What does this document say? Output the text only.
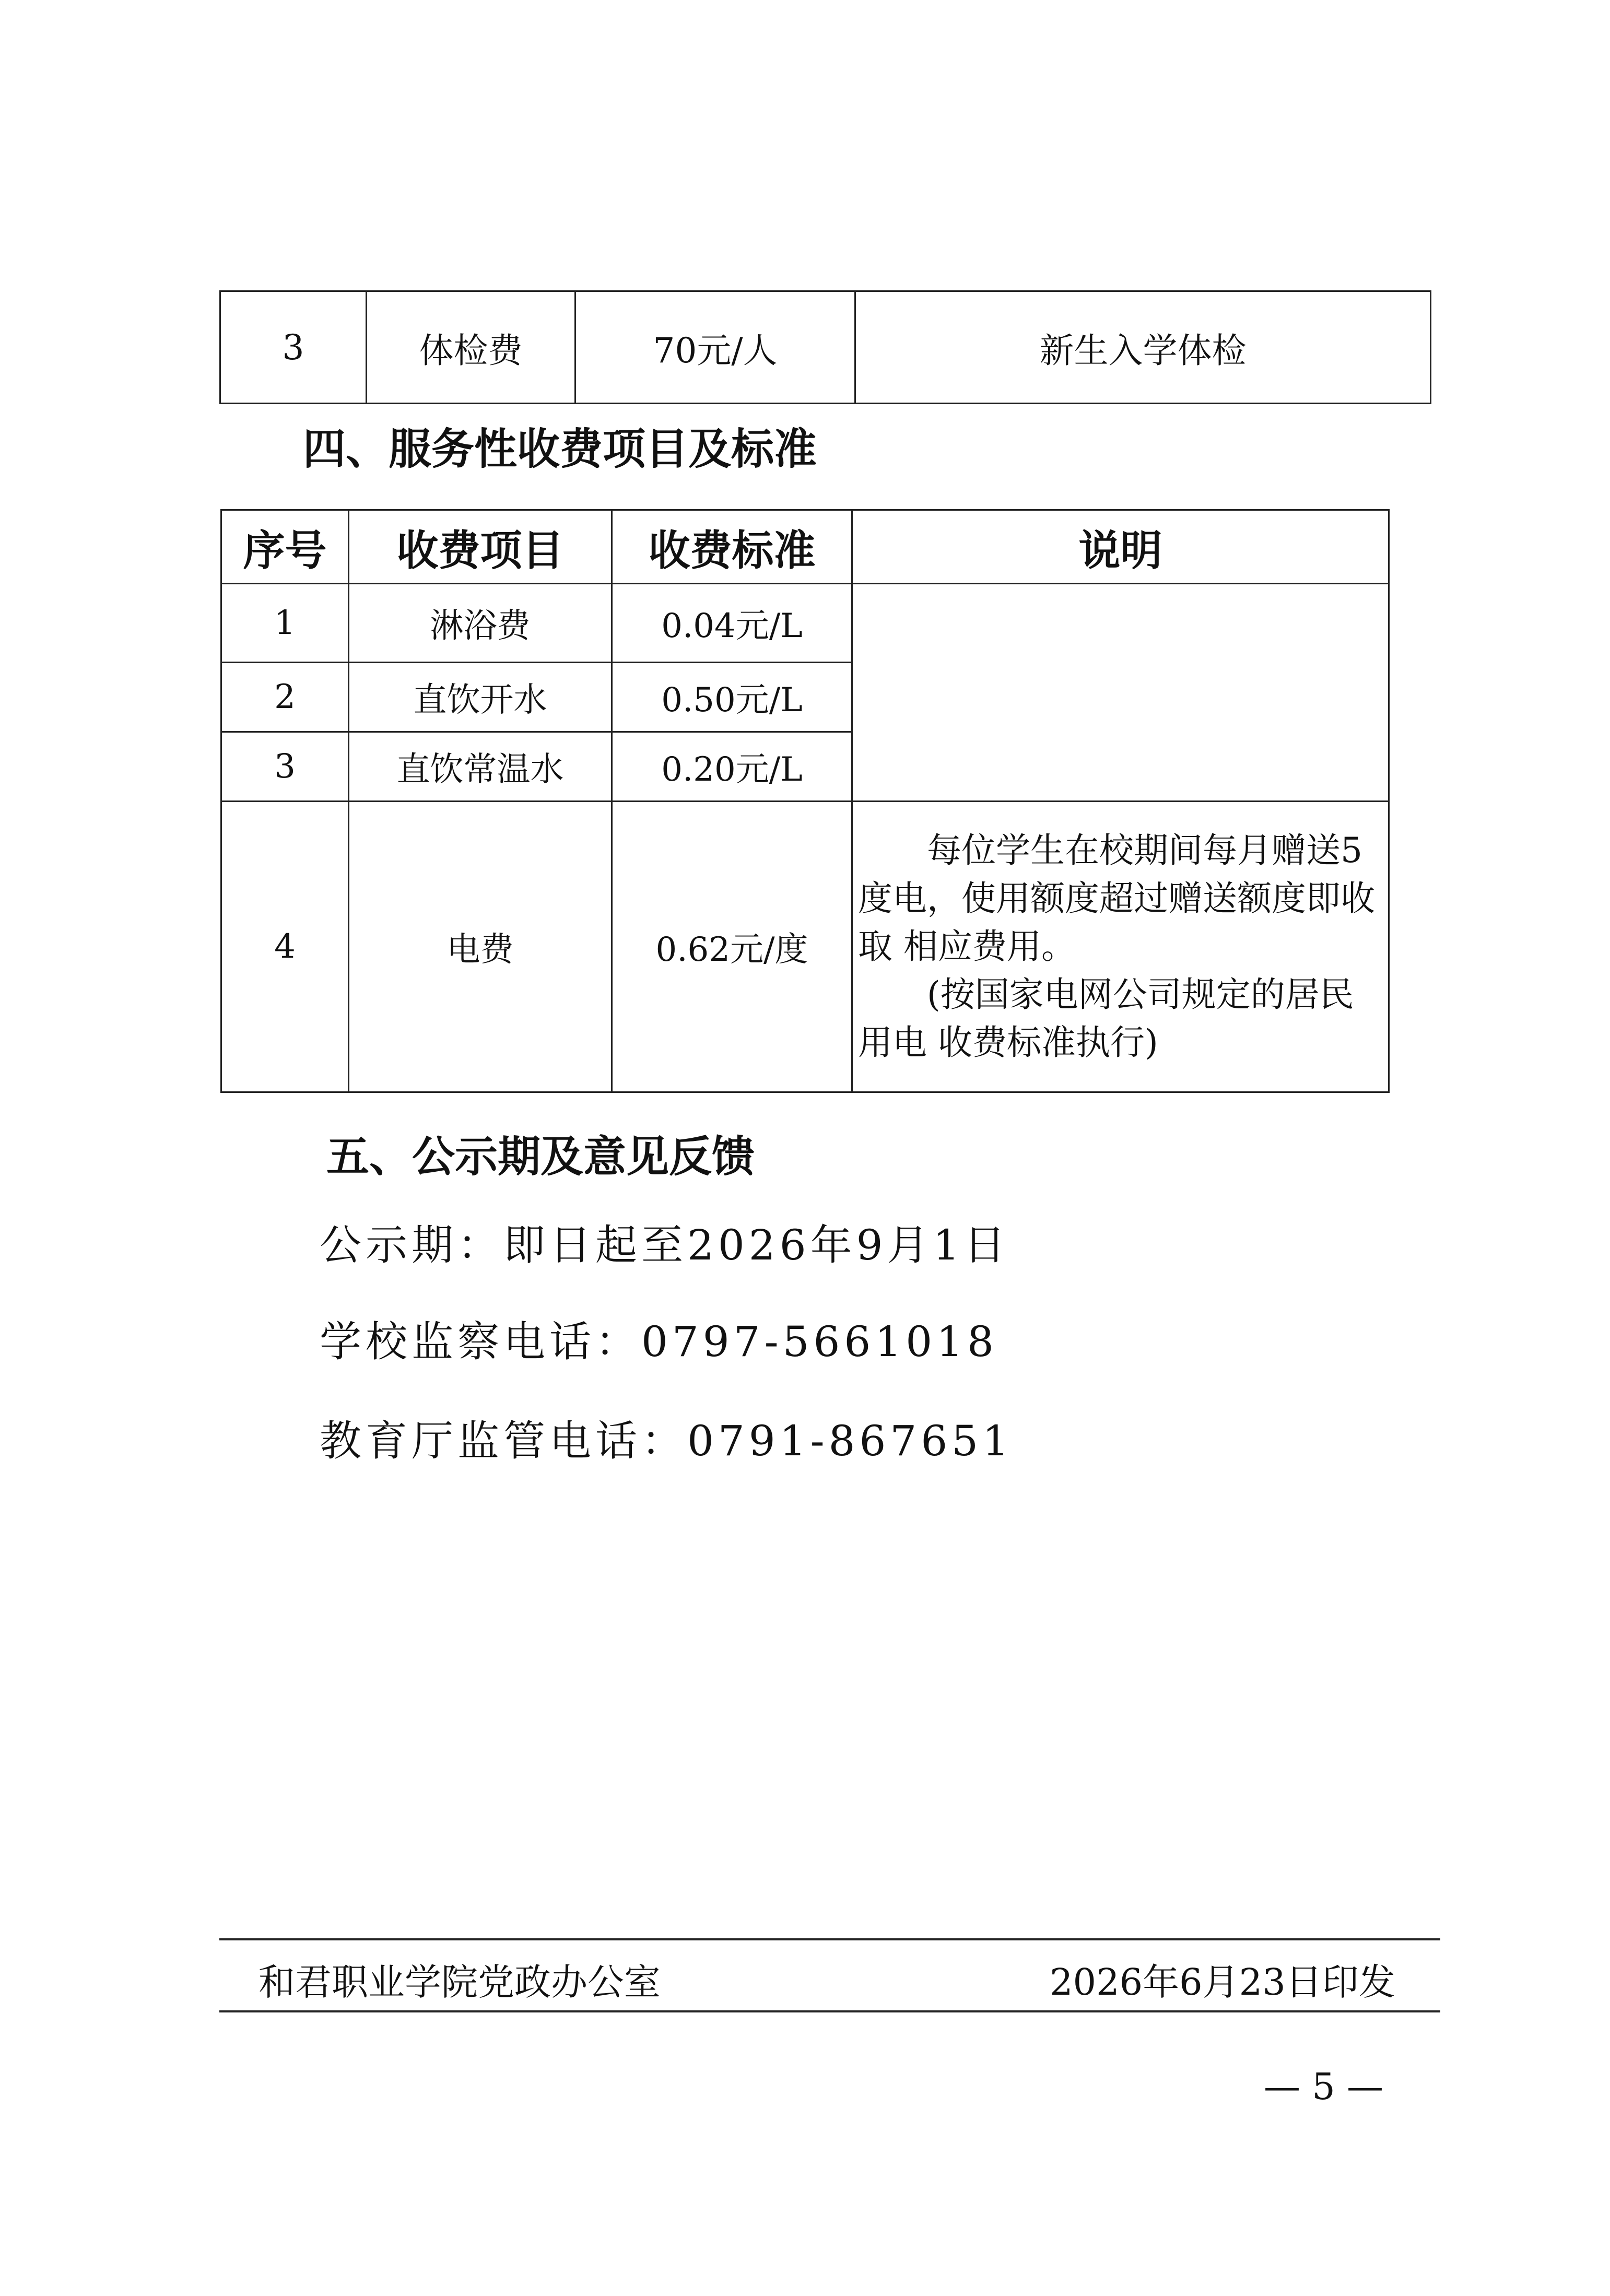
3	体检费	70元/人	新生入学体检
四、服务性收费项目及标准
序号	收费项目	收费标准	说明
1	淋浴费	0.04元/L	
2	直饮开水	0.50元/L	
3	直饮常温水	0.20元/L	
4	电费	0.62元/度	每位学生在校期间每月赠送5度电，使用额度超过赠送额度即收取 相应费用。

(按国家电网公司规定的居民用电 收费标准执行)

五、公示期及意见反馈
公示期：即日起至2026年9月1日
学校监察电话：0797-5661018
教育厅监管电话：0791-867651
和君职业学院党政办公室	2026年6月23日印发
— 5 —
